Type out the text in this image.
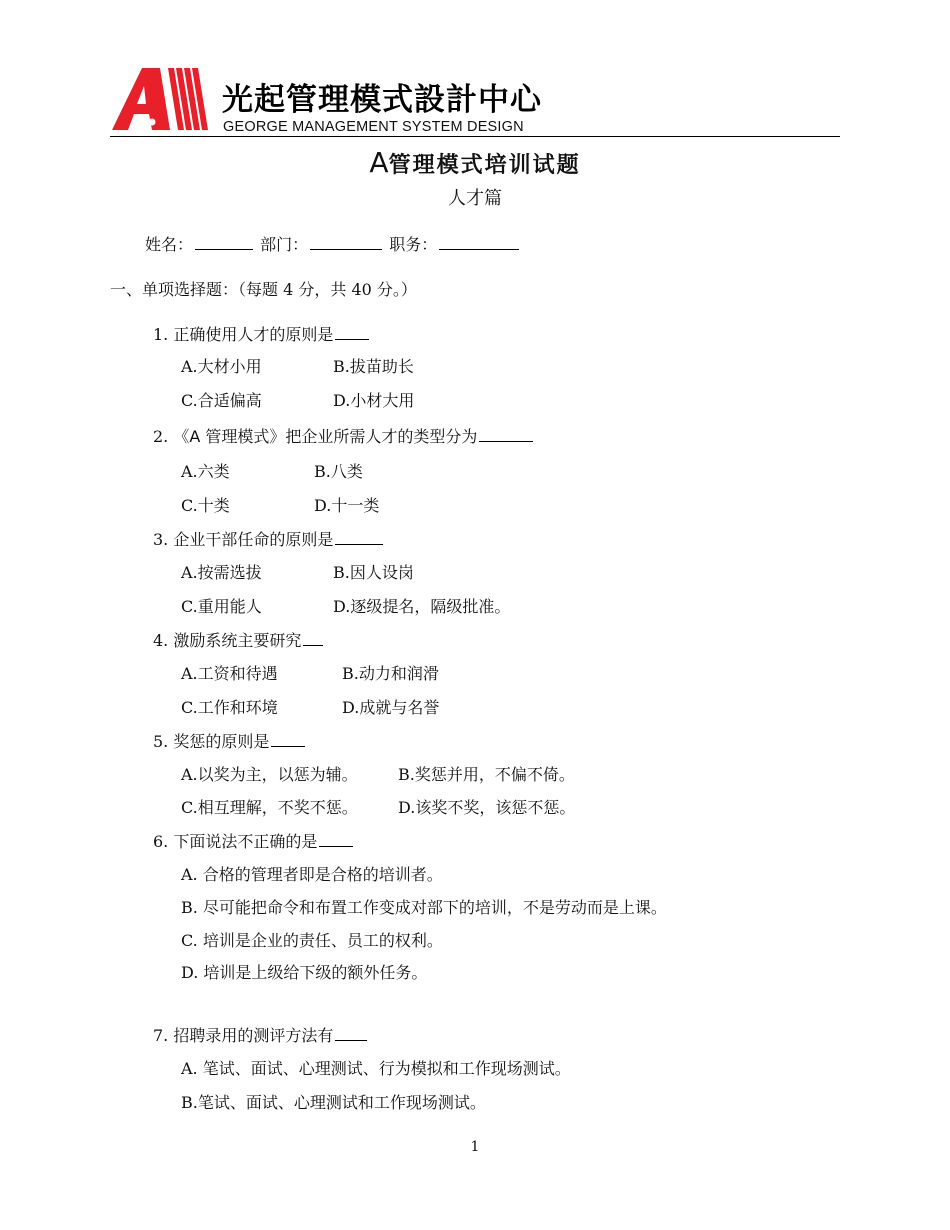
光起管理模式設計中心
GEORGE MANAGEMENT SYSTEM DESIGN
A管理模式培训试题
人才篇
姓名：	部门：	职务：
一、单项选择题：（每题 4 分，共 40 分。）
1. 正确使用人才的原则是
A.大材小用	B.拔苗助长
C.合适偏高	D.小材大用
2. 《A 管理模式》把企业所需人才的类型分为
A.六类	B.八类
C.十类	D.十一类
3. 企业干部任命的原则是
A.按需选拔	B.因人设岗
C.重用能人	D.逐级提名，隔级批准。
4. 激励系统主要研究
A.工资和待遇	B.动力和润滑
C.工作和环境	D.成就与名誉
5. 奖惩的原则是
A.以奖为主，以惩为辅。	B.奖惩并用，不偏不倚。
C.相互理解，不奖不惩。	D.该奖不奖，该惩不惩。
6. 下面说法不正确的是
A. 合格的管理者即是合格的培训者。
B. 尽可能把命令和布置工作变成对部下的培训，不是劳动而是上课。
C. 培训是企业的责任、员工的权利。
D. 培训是上级给下级的额外任务。
7. 招聘录用的测评方法有
A. 笔试、面试、心理测试、行为模拟和工作现场测试。
B.笔试、面试、心理测试和工作现场测试。
1
